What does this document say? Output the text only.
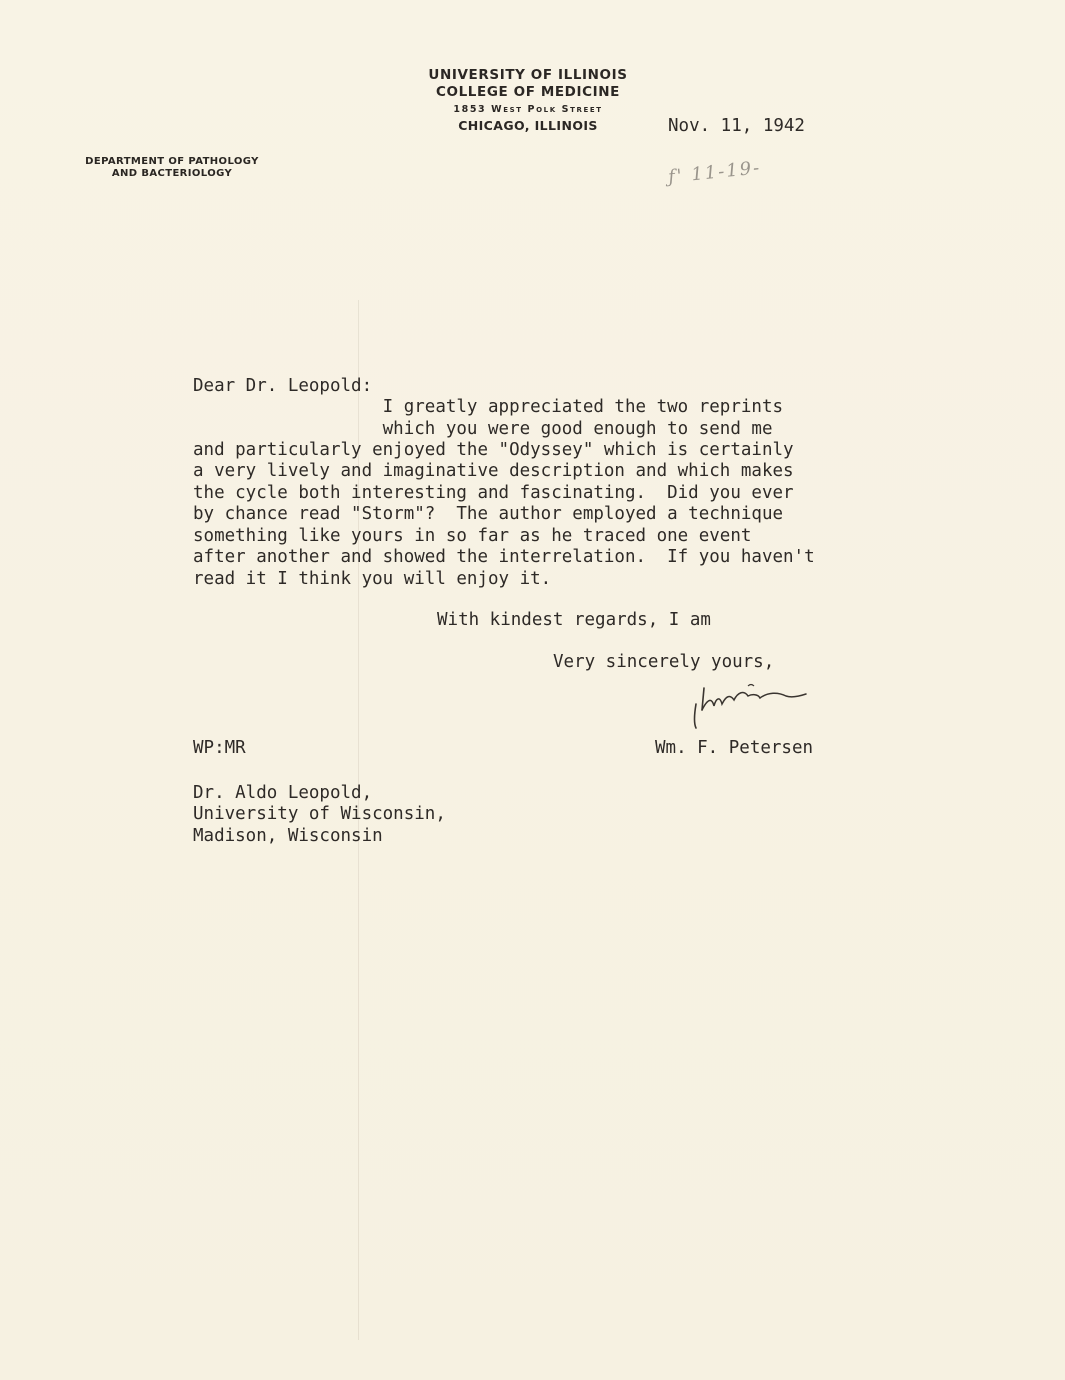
UNIVERSITY OF ILLINOIS
COLLEGE OF MEDICINE
1853 West Polk Street
CHICAGO, ILLINOIS
DEPARTMENT OF PATHOLOGY
AND BACTERIOLOGY
Nov. 11, 1942
ƒ' 11-19-
Dear Dr. Leopold:
I greatly appreciated the two reprints
which you were good enough to send me
and particularly enjoyed the "Odyssey" which is certainly
a very lively and imaginative description and which makes
the cycle both interesting and fascinating.  Did you ever
by chance read "Storm"?  The author employed a technique
something like yours in so far as he traced one event
after another and showed the interrelation.  If you haven't
read it I think you will enjoy it.
With kindest regards, I am
Very sincerely yours,
WP:MR	Wm. F. Petersen
Dr. Aldo Leopold,
University of Wisconsin,
Madison, Wisconsin
